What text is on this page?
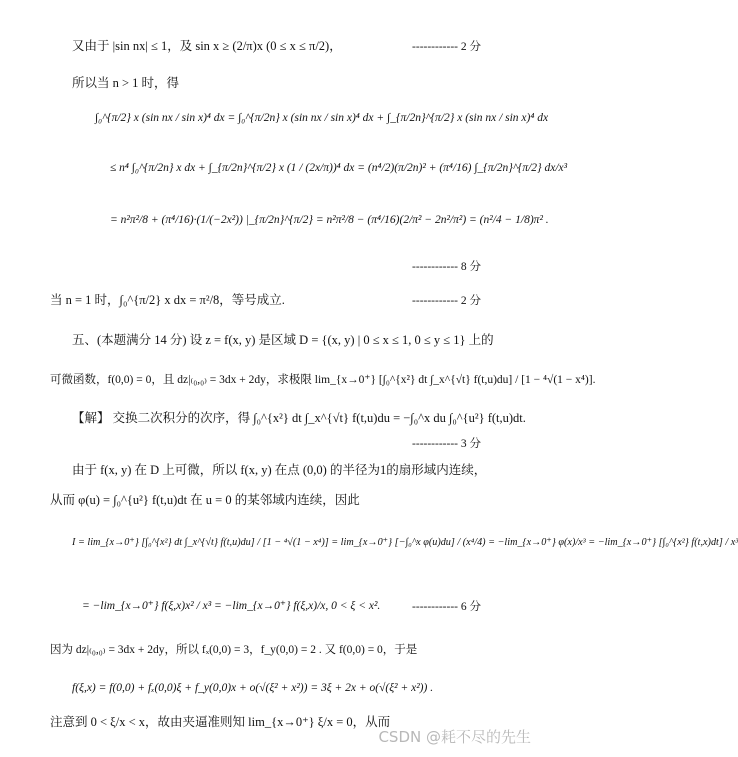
又由于 |sin nx| ≤ 1，及 sin x ≥ (2/π)x (0 ≤ x ≤ π/2)，	------------ 2 分
所以当 n > 1 时，得
∫₀^{π/2} x (sin nx / sin x)⁴ dx = ∫₀^{π/2n} x (sin nx / sin x)⁴ dx + ∫_{π/2n}^{π/2} x (sin nx / sin x)⁴ dx
≤ n⁴ ∫₀^{π/2n} x dx + ∫_{π/2n}^{π/2} x (1 / (2x/π))⁴ dx = (n⁴/2)(π/2n)² + (π⁴/16) ∫_{π/2n}^{π/2} dx/x³
= n²π²/8 + (π⁴/16)·(1/(−2x²)) |_{π/2n}^{π/2} = n²π²/8 − (π⁴/16)(2/π² − 2n²/π²) = (n²/4 − 1/8)π² .
------------ 8 分
当 n = 1 时，∫₀^{π/2} x dx = π²/8，等号成立.	------------ 2 分
五、(本题满分 14 分) 设 z = f(x, y) 是区域 D = {(x, y) | 0 ≤ x ≤ 1, 0 ≤ y ≤ 1} 上的
可微函数，f(0,0) = 0，且 dz|₍₀,₀₎ = 3dx + 2dy，求极限 lim_{x→0⁺} [∫₀^{x²} dt ∫_x^{√t} f(t,u)du] / [1 − ⁴√(1 − x⁴)].
【解】 交换二次积分的次序，得 ∫₀^{x²} dt ∫_x^{√t} f(t,u)du = −∫₀^x du ∫₀^{u²} f(t,u)dt.
------------ 3 分
由于 f(x, y) 在 D 上可微，所以 f(x, y) 在点 (0,0) 的半径为1的扇形域内连续，
从而 φ(u) = ∫₀^{u²} f(t,u)dt 在 u = 0 的某邻域内连续，因此
I = lim_{x→0⁺} [∫₀^{x²} dt ∫_x^{√t} f(t,u)du] / [1 − ⁴√(1 − x⁴)] = lim_{x→0⁺} [−∫₀^x φ(u)du] / (x⁴/4) = −lim_{x→0⁺} φ(x)/x³ = −lim_{x→0⁺} [∫₀^{x²} f(t,x)dt] / x³
= −lim_{x→0⁺} f(ξ,x)x² / x³ = −lim_{x→0⁺} f(ξ,x)/x, 0 < ξ < x².	------------ 6 分
因为 dz|₍₀,₀₎ = 3dx + 2dy，所以 fₓ(0,0) = 3，f_y(0,0) = 2 . 又 f(0,0) = 0，于是
f(ξ,x) = f(0,0) + fₓ(0,0)ξ + f_y(0,0)x + o(√(ξ² + x²)) = 3ξ + 2x + o(√(ξ² + x²)) .
注意到 0 < ξ/x < x，故由夹逼准则知 lim_{x→0⁺} ξ/x = 0，从而
CSDN @耗不尽的先生
